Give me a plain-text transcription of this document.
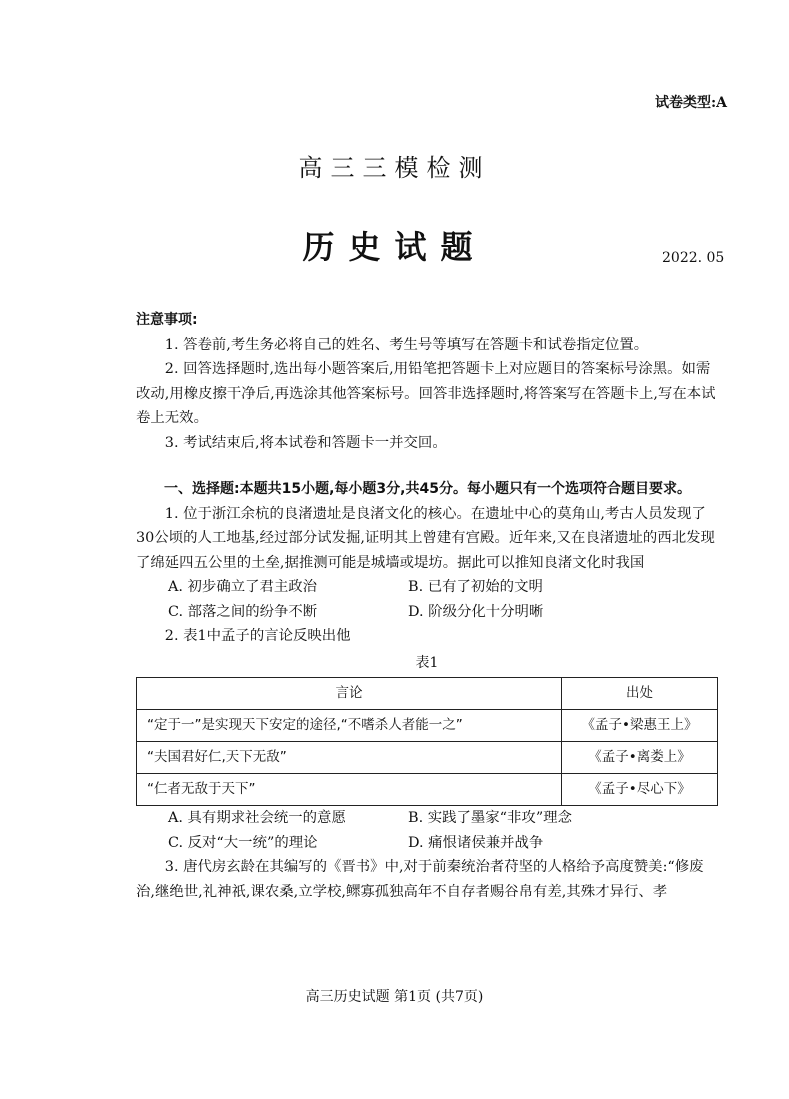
试卷类型:A
高三三模检测
历史试题	2022. 05
注意事项:

1. 答卷前,考生务必将自己的姓名、考生号等填写在答题卡和试卷指定位置。

2. 回答选择题时,选出每小题答案后,用铅笔把答题卡上对应题目的答案标号涂黑。如需改动,用橡皮擦干净后,再选涂其他答案标号。回答非选择题时,将答案写在答题卡上,写在本试卷上无效。

3. 考试结束后,将本试卷和答题卡一并交回。

一、选择题:本题共15小题,每小题3分,共45分。每小题只有一个选项符合题目要求。

1. 位于浙江余杭的良渚遗址是良渚文化的核心。在遗址中心的莫角山,考古人员发现了30公顷的人工地基,经过部分试发掘,证明其上曾建有宫殿。近年来,又在良渚遗址的西北发现了绵延四五公里的土垒,据推测可能是城墙或堤坊。据此可以推知良渚文化时我国

A. 初步确立了君主政治	B. 已有了初始的文明
C. 部落之间的纷争不断	D. 阶级分化十分明晰

2. 表1中孟子的言论反映出他

表1
言论	出处
“定于一”是实现天下安定的途径,“不嗜杀人者能一之”	《孟子•梁惠王上》
“夫国君好仁,天下无敌”	《孟子•离娄上》
“仁者无敌于天下”	《孟子•尽心下》
A. 具有期求社会统一的意愿	B. 实践了墨家“非攻”理念
C. 反对“大一统”的理论	D. 痛恨诸侯兼并战争

3. 唐代房玄龄在其编写的《晋书》中,对于前秦统治者苻坚的人格给予高度赞美:“修废治,继绝世,礼神祇,课农桑,立学校,鳏寡孤独高年不自存者赐谷帛有差,其殊才异行、孝

高三历史试题 第1页 (共7页)
